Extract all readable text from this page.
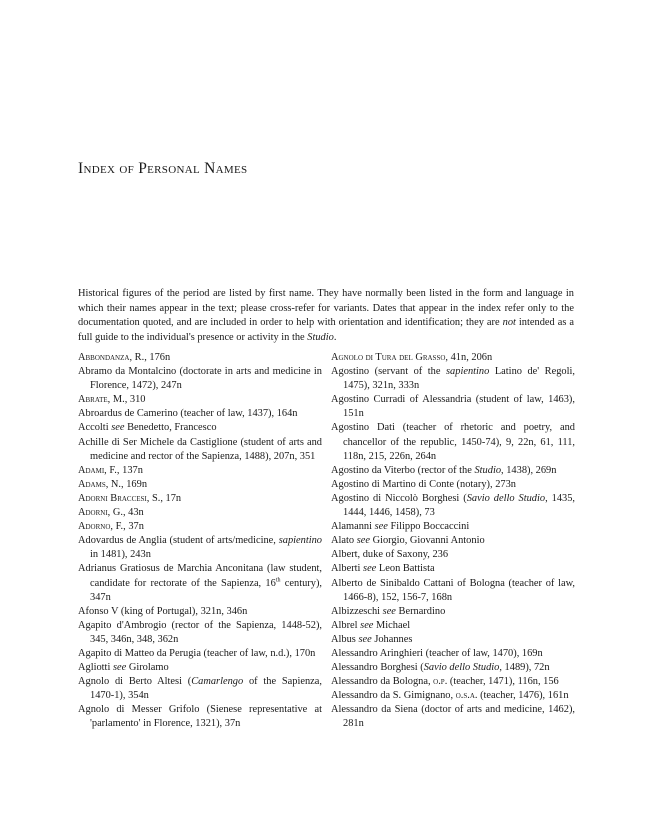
Index of Personal Names

Historical figures of the period are listed by first name. They have normally been listed in the form and language in which their names appear in the text; please cross-refer for variants. Dates that appear in the index refer only to the documentation quoted, and are included in order to help with orientation and identification; they are not intended as a full guide to the individual's presence or activity in the Studio.

Abbondanza, R., 176n

Abramo da Montalcino (doctorate in arts and medicine in Florence, 1472), 247n

Abrate, M., 310

Abroardus de Camerino (teacher of law, 1437), 164n

Accolti see Benedetto, Francesco

Achille di Ser Michele da Castiglione (student of arts and medicine and rector of the Sapienza, 1488), 207n, 351

Adami, F., 137n

Adams, N., 169n

Adorni Braccesi, S., 17n

Adorni, G., 43n

Adorno, F., 37n

Adovardus de Anglia (student of arts/medicine, sapientino in 1481), 243n

Adrianus Gratiosus de Marchia Anconitana (law student, candidate for rectorate of the Sapienza, 16th century), 347n

Afonso V (king of Portugal), 321n, 346n

Agapito d'Ambrogio (rector of the Sapienza, 1448-52), 345, 346n, 348, 362n

Agapito di Matteo da Perugia (teacher of law, n.d.), 170n

Agliotti see Girolamo

Agnolo di Berto Altesi (Camarlengo of the Sapienza, 1470-1), 354n

Agnolo di Messer Grifolo (Sienese representative at 'parlamento' in Florence, 1321), 37n

Agnolo di Tura del Grasso, 41n, 206n

Agostino (servant of the sapientino Latino de' Regoli, 1475), 321n, 333n

Agostino Curradi of Alessandria (student of law, 1463), 151n

Agostino Dati (teacher of rhetoric and poetry, and chancellor of the republic, 1450-74), 9, 22n, 61, 111, 118n, 215, 226n, 264n

Agostino da Viterbo (rector of the Studio, 1438), 269n

Agostino di Martino di Conte (notary), 273n

Agostino di Niccolò Borghesi (Savio dello Studio, 1435, 1444, 1446, 1458), 73

Alamanni see Filippo Boccaccini

Alato see Giorgio, Giovanni Antonio

Albert, duke of Saxony, 236

Alberti see Leon Battista

Alberto de Sinibaldo Cattani of Bologna (teacher of law, 1466-8), 152, 156-7, 168n

Albizzeschi see Bernardino

Albrel see Michael

Albus see Johannes

Alessandro Aringhieri (teacher of law, 1470), 169n

Alessandro Borghesi (Savio dello Studio, 1489), 72n

Alessandro da Bologna, o.p. (teacher, 1471), 116n, 156

Alessandro da S. Gimignano, o.s.a. (teacher, 1476), 161n

Alessandro da Siena (doctor of arts and medicine, 1462), 281n
